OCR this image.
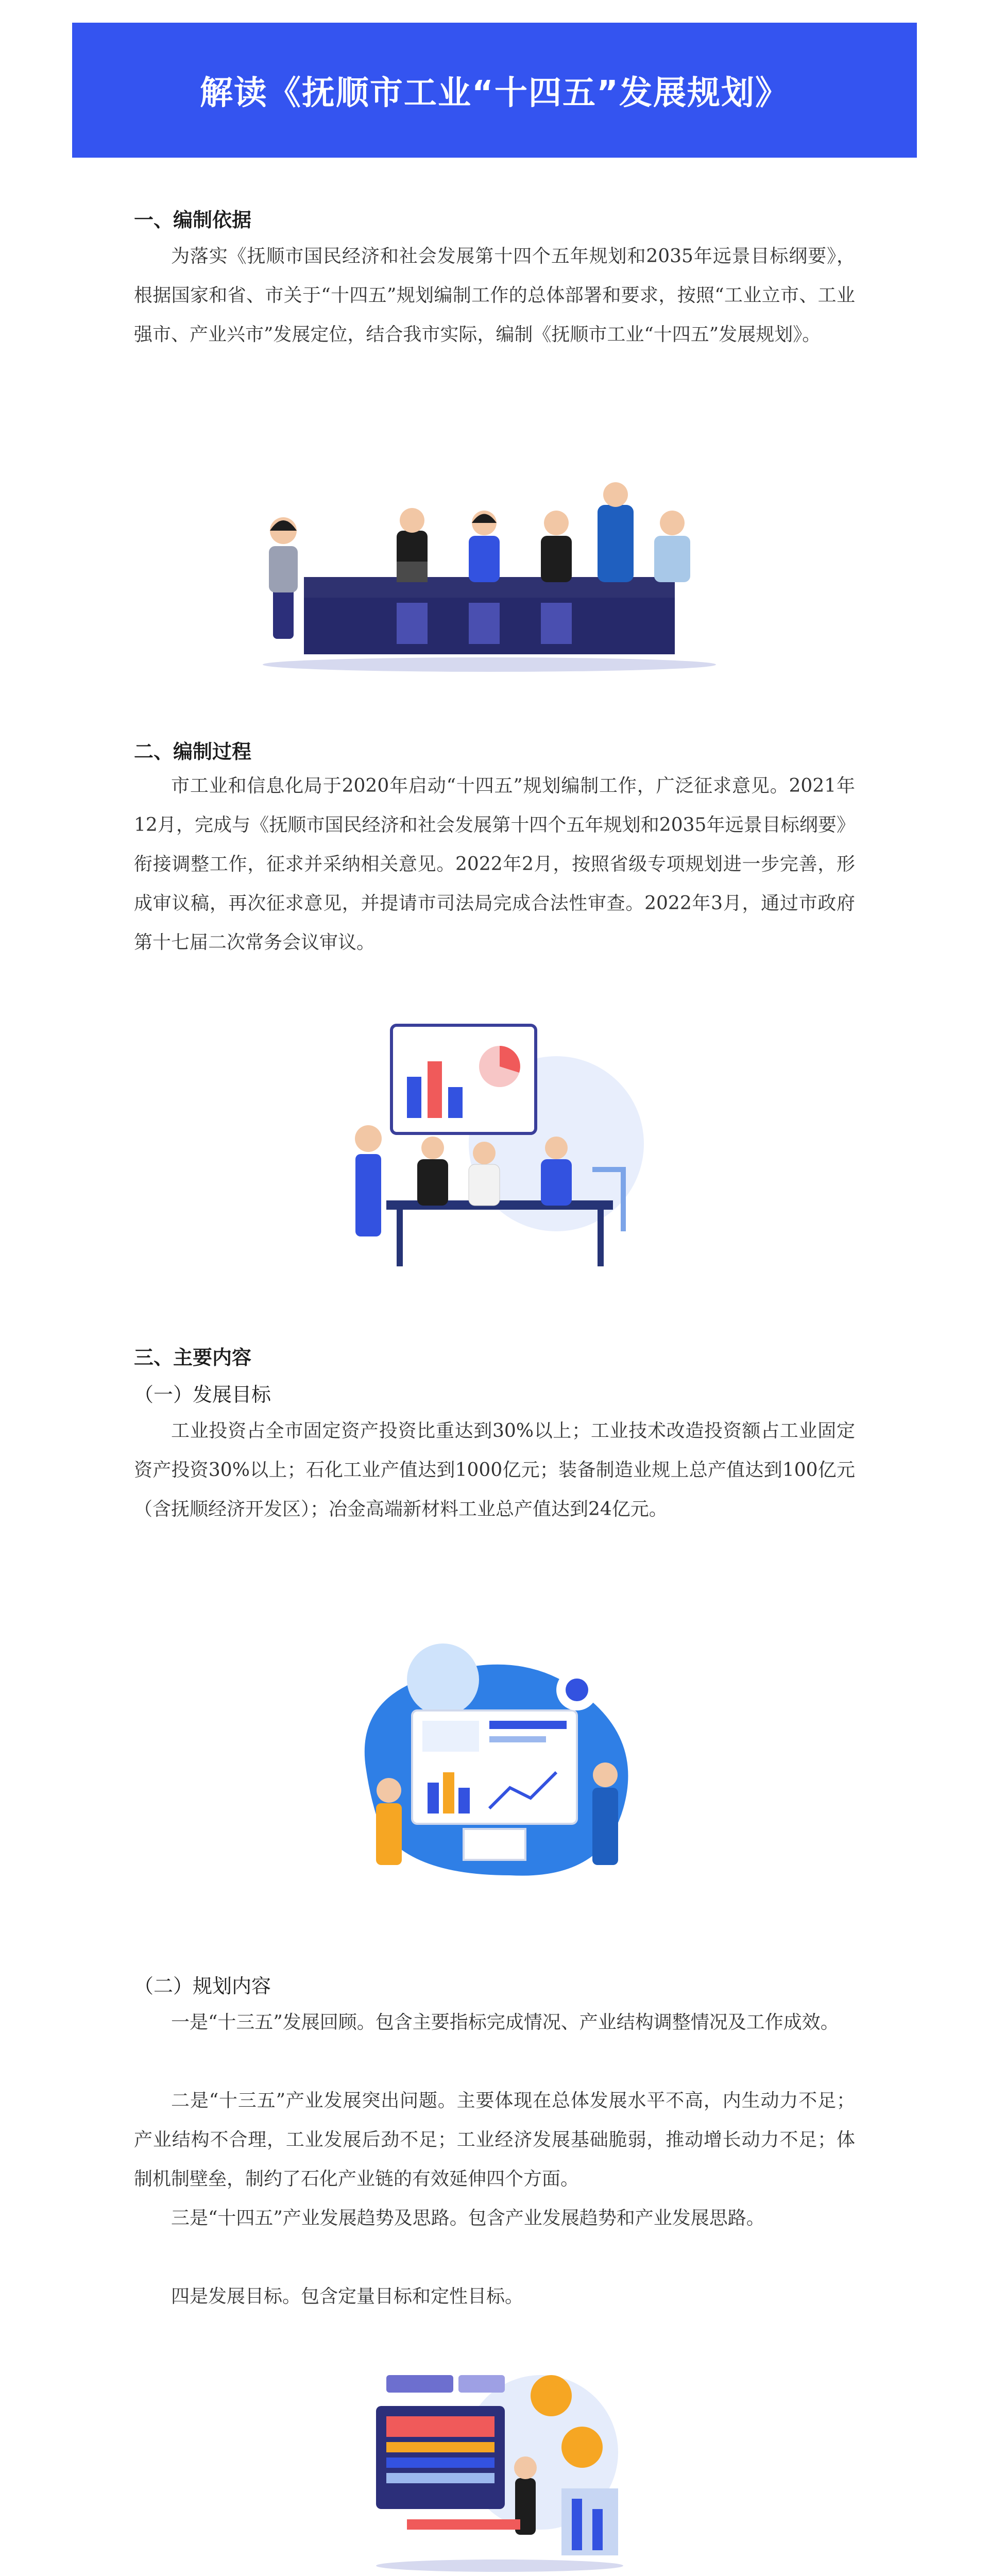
解读《抚顺市工业“十四五”发展规划》
一、编制依据
为落实《抚顺市国民经济和社会发展第十四个五年规划和2035年远景目标纲要》，根据国家和省、市关于“十四五”规划编制工作的总体部署和要求，按照“工业立市、工业强市、产业兴市”发展定位，结合我市实际，编制《抚顺市工业“十四五”发展规划》。
二、编制过程
市工业和信息化局于2020年启动“十四五”规划编制工作，广泛征求意见。2021年12月，完成与《抚顺市国民经济和社会发展第十四个五年规划和2035年远景目标纲要》衔接调整工作，征求并采纳相关意见。2022年2月，按照省级专项规划进一步完善，形成审议稿，再次征求意见，并提请市司法局完成合法性审查。2022年3月，通过市政府第十七届二次常务会议审议。
三、主要内容
（一）发展目标
工业投资占全市固定资产投资比重达到30%以上；工业技术改造投资额占工业固定资产投资30%以上；石化工业产值达到1000亿元；装备制造业规上总产值达到100亿元（含抚顺经济开发区）；冶金高端新材料工业总产值达到24亿元。
（二）规划内容
一是“十三五”发展回顾。包含主要指标完成情况、产业结构调整情况及工作成效。
二是“十三五”产业发展突出问题。主要体现在总体发展水平不高，内生动力不足；产业结构不合理，工业发展后劲不足；工业经济发展基础脆弱，推动增长动力不足；体制机制壁垒，制约了石化产业链的有效延伸四个方面。
三是“十四五”产业发展趋势及思路。包含产业发展趋势和产业发展思路。
四是发展目标。包含定量目标和定性目标。
